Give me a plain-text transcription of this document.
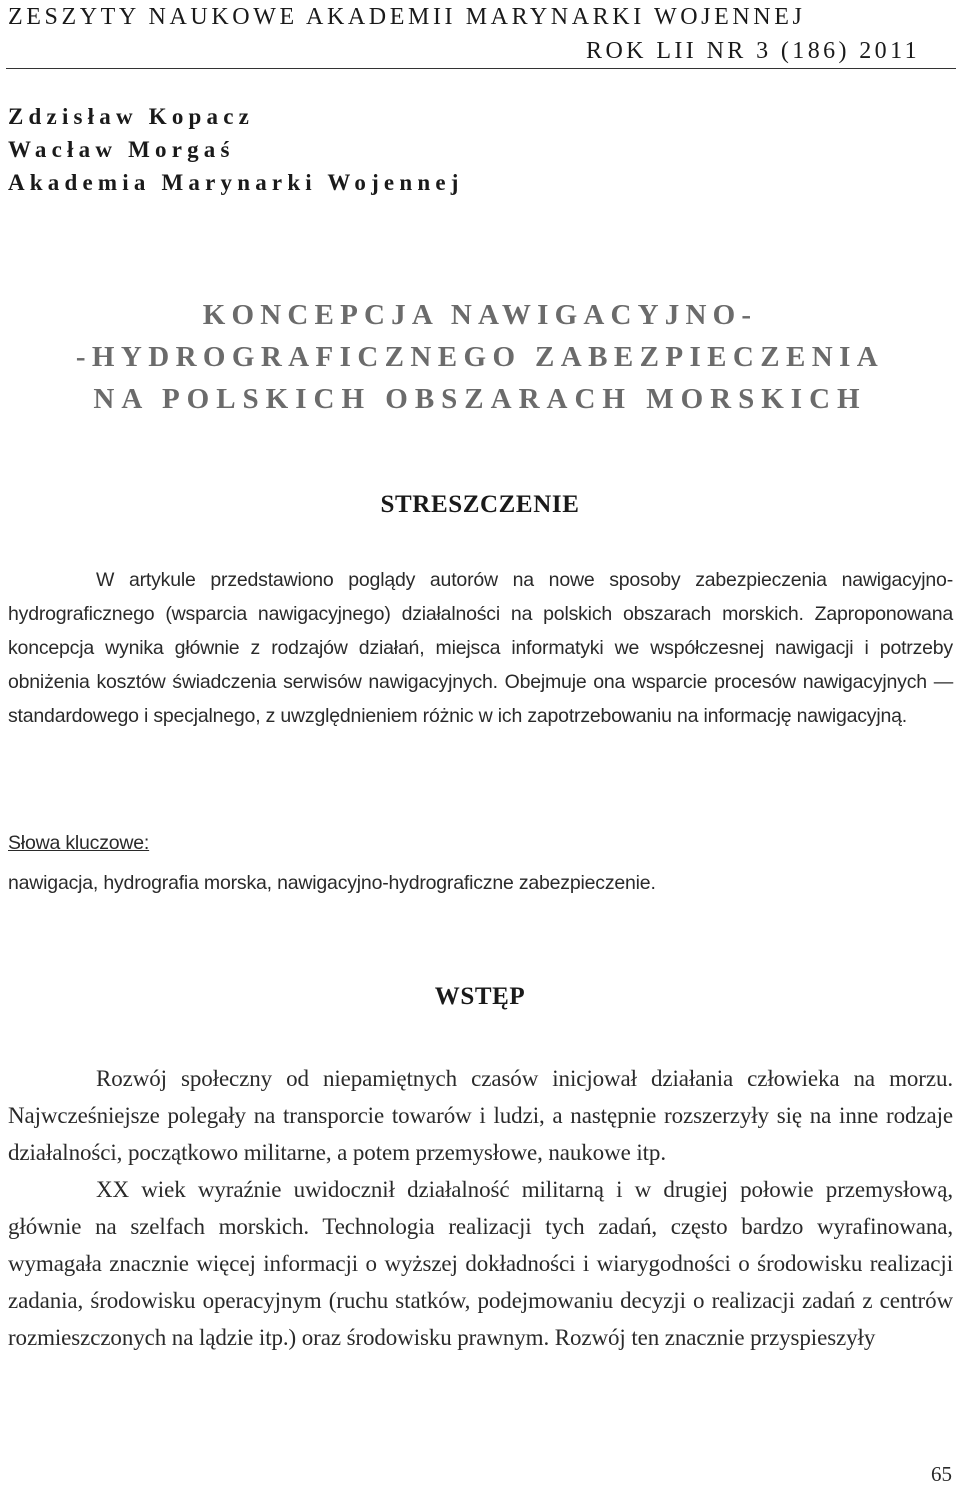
ZESZYTY NAUKOWE AKADEMII MARYNARKI WOJENNEJ
ROK LII NR 3 (186) 2011
Zdzisław Kopacz
Wacław Morgaś
Akademia Marynarki Wojennej
KONCEPCJA NAWIGACYJNO-
-HYDROGRAFICZNEGO ZABEZPIECZENIA
NA POLSKICH OBSZARACH MORSKICH
STRESZCZENIE
W artykule przedstawiono poglądy autorów na nowe sposoby zabezpieczenia nawigacyjno-hydrograficznego (wsparcia nawigacyjnego) działalności na polskich obszarach morskich. Zaproponowana koncepcja wynika głównie z rodzajów działań, miejsca informatyki we współczesnej nawigacji i potrzeby obniżenia kosztów świadczenia serwisów nawigacyjnych. Obejmuje ona wsparcie procesów nawigacyjnych — standardowego i specjalnego, z uwzględnieniem różnic w ich zapotrzebowaniu na informację nawigacyjną.
Słowa kluczowe:
nawigacja, hydrografia morska, nawigacyjno-hydrograficzne zabezpieczenie.
WSTĘP

Rozwój społeczny od niepamiętnych czasów inicjował działania człowieka na morzu. Najwcześniejsze polegały na transporcie towarów i ludzi, a następnie rozszerzyły się na inne rodzaje działalności, początkowo militarne, a potem przemysłowe, naukowe itp.

XX wiek wyraźnie uwidocznił działalność militarną i w drugiej połowie przemysłową, głównie na szelfach morskich. Technologia realizacji tych zadań, często bardzo wyrafinowana, wymagała znacznie więcej informacji o wyższej dokładności i wiarygodności o środowisku realizacji zadania, środowisku operacyjnym (ruchu statków, podejmowaniu decyzji o realizacji zadań z centrów rozmieszczonych na lądzie itp.) oraz środowisku prawnym. Rozwój ten znacznie przyspieszyły

65
